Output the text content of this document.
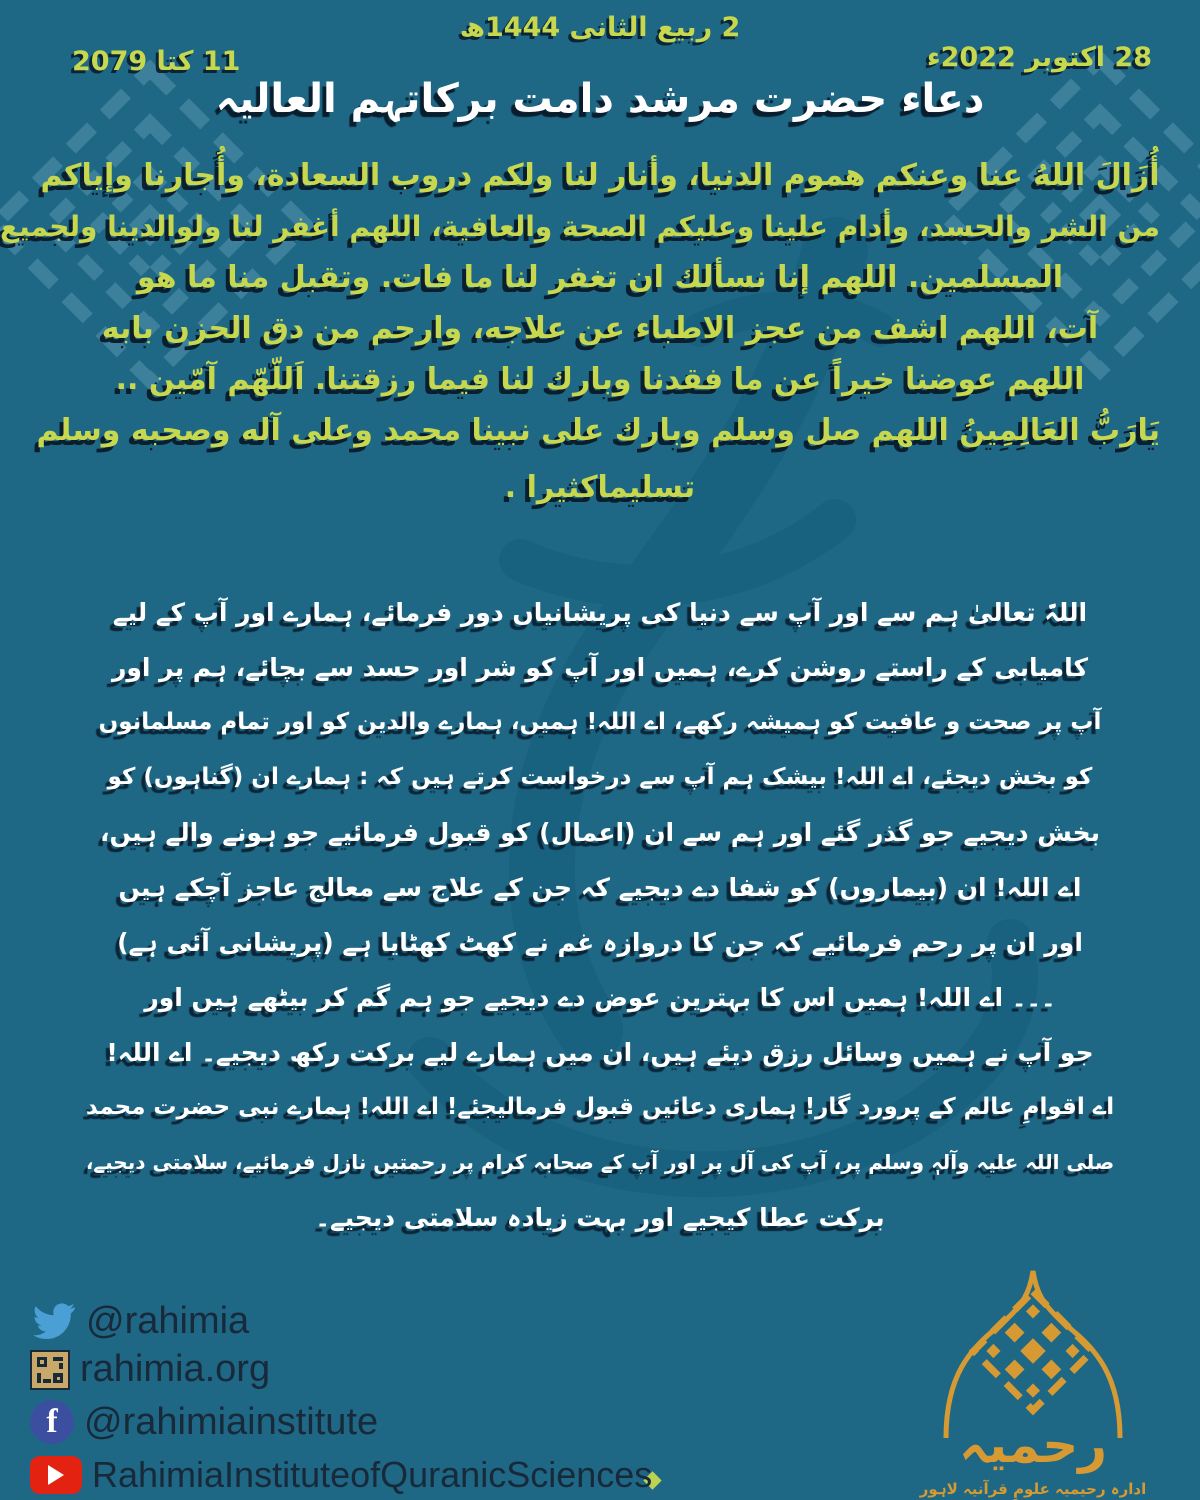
2 ربیع الثانی 1444ھ
28 اکتوبر 2022ء
11 کتا 2079
دعاء حضرت مرشد دامت برکاتہم العالیہ
أُزَالَ اللهُ عنا وعنكم هموم الدنيا، وأنار لنا ولكم دروب السعادة، وأُجارنا وإياكم
من الشر والحسد، وأدام علينا وعليكم الصحة والعافية، اللهم أغفر لنا ولوالدينا ولجميع
المسلمين. اللهم إنا نسألك ان تغفر لنا ما فات. وتقبل منا ما هو
آت، اللهم اشف من عجز الاطباء عن علاجه، وارحم من دق الحزن بابه
اللهم عوضنا خيراً عن ما فقدنا وبارك لنا فيما رزقتنا. اَللّهّم آمّين ..
يَارَبُّ العَالِمِينُ اللهم صل وسلم وبارك على نبينا محمد وعلى آله وصحبه وسلم
تسليماكثيرا .
اللہّ تعالیٰ ہم سے اور آپ سے دنیا کی پریشانیاں دور فرمائے، ہمارے اور آپ کے لیے
کامیابی کے راستے روشن کرے، ہمیں اور آپ کو شر اور حسد سے بچائے، ہم پر اور
آپ پر صحت و عافیت کو ہمیشہ رکھے، اے اللہ! ہمیں، ہمارے والدین کو اور تمام مسلمانوں
کو بخش دیجئے، اے اللہ! بیشک ہم آپ سے درخواست کرتے ہیں کہ : ہمارے ان (گناہوں) کو
بخش دیجیے جو گذر گئے اور ہم سے ان (اعمال) کو قبول فرمائیے جو ہونے والے ہیں،
اے اللہ! ان (بیماروں) کو شفا دے دیجیے کہ جن کے علاج سے معالج عاجز آچکے ہیں
اور ان پر رحم فرمائیے کہ جن کا دروازہ غم نے کھٹ کھٹایا ہے (پریشانی آئی ہے)
۔۔۔ اے اللہ! ہمیں اس کا بہترین عوض دے دیجیے جو ہم گم کر بیٹھے ہیں اور
جو آپ نے ہمیں وسائل رزق دیئے ہیں، ان میں ہمارے لیے برکت رکھ دیجیے۔ اے اللہ!
اے اقوامِ عالم کے پرورد گار! ہماری دعائیں قبول فرمالیجئے! اے اللہ! ہمارے نبی حضرت محمد
صلی اللہ علیہ وآلہٖ وسلم پر، آپ کی آل پر اور آپ کے صحابہ کرام پر رحمتیں نازل فرمائیے، سلامتی دیجیے،
برکت عطا کیجیے اور بہت زیادہ سلامتی دیجیے۔
@rahimia
rahimia.org
f @rahimiainstitute
RahimiaInstituteofQuranicSciences
رحمیہ
ادارہ رحیمیہ علومِ قرآنیہ لاہور
